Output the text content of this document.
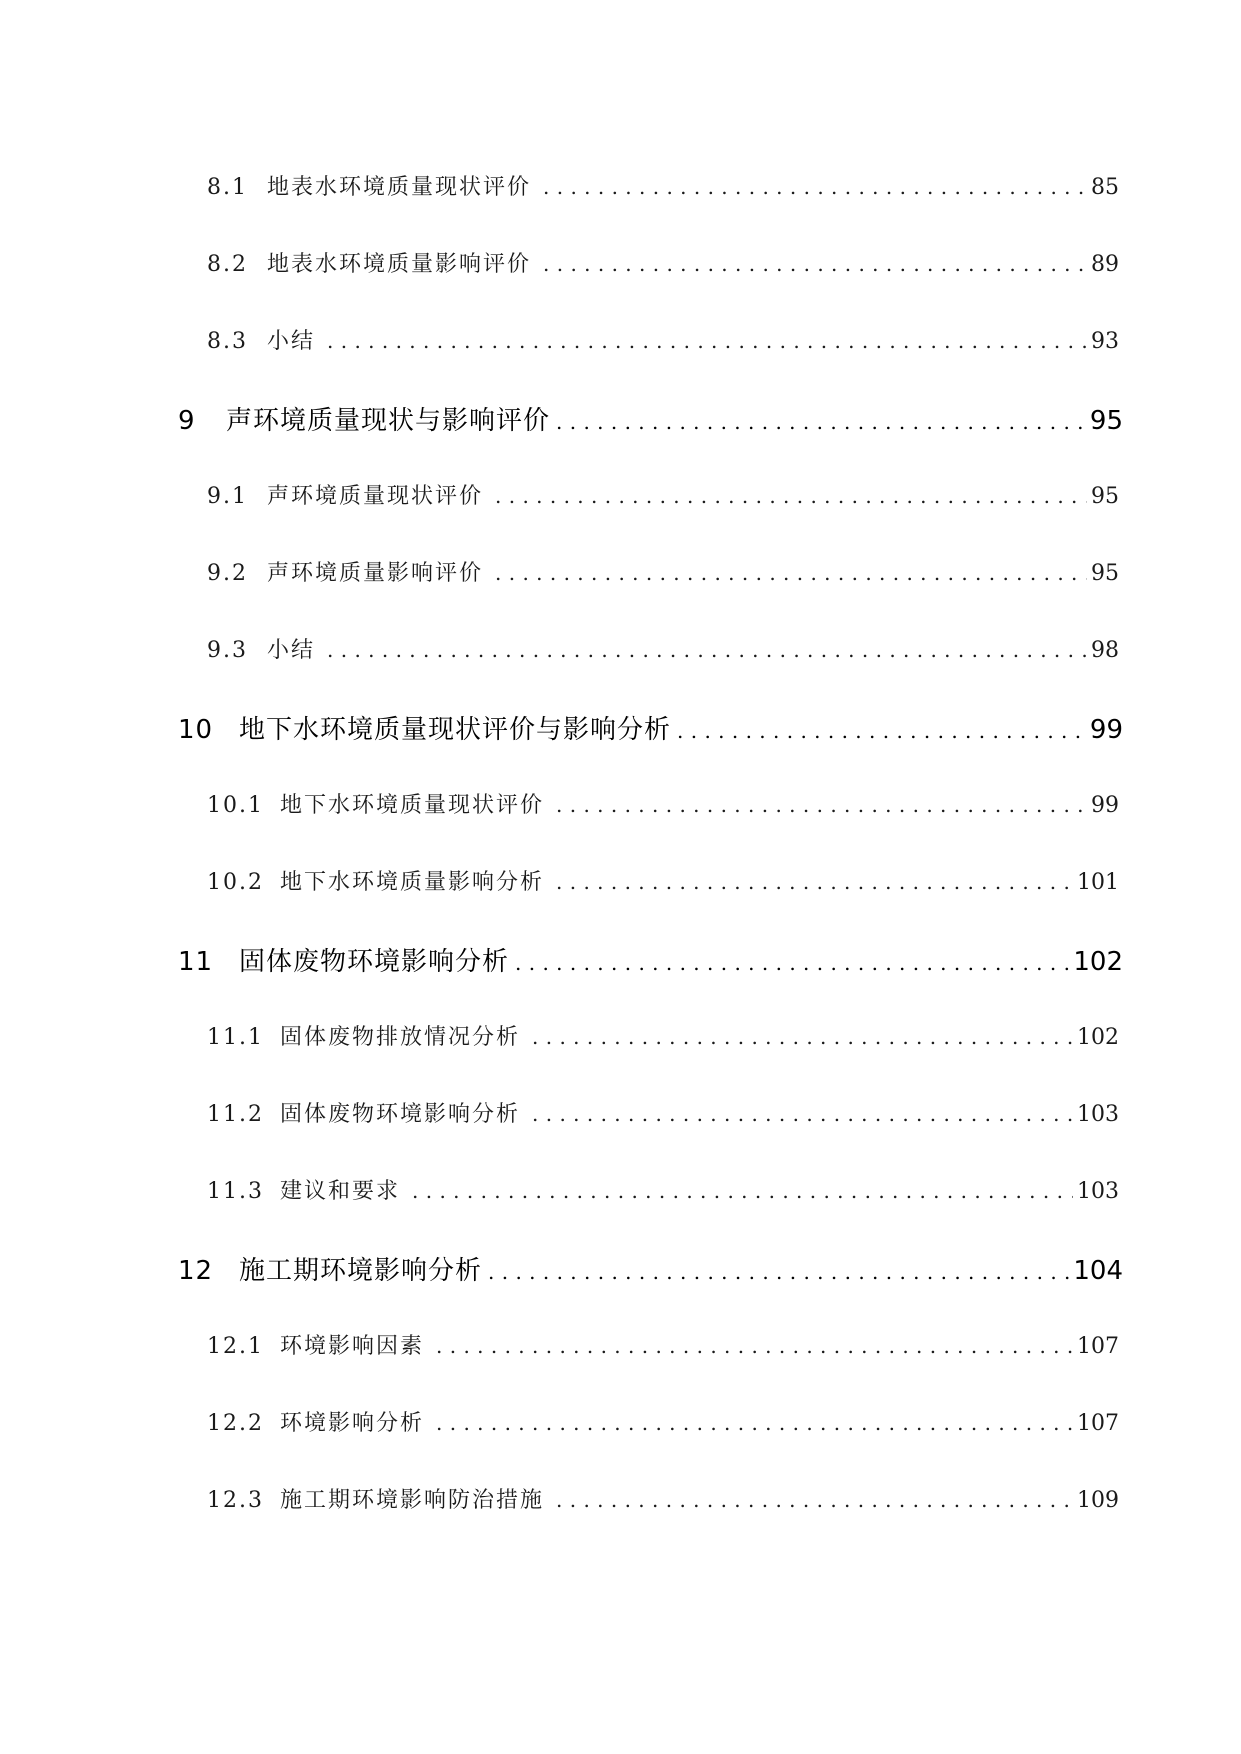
8.1 地表水环境质量现状评价 . . .	85
8.2 地表水环境质量影响评价 . . .	89
8.3 小结 . . .	93
9	声环境质量现状与影响评价 . . .	95
9.1 声环境质量现状评价 . . .	95
9.2 声环境质量影响评价 . . .	95
9.3 小结 . . .	98
10 地下水环境质量现状评价与影响分析 . . .	99
10.1 地下水环境质量现状评价 . . .	99
10.2 地下水环境质量影响分析 . . .	101
11 固体废物环境影响分析 . . .	102
11.1 固体废物排放情况分析 . . .	102
11.2 固体废物环境影响分析 . . .	103
11.3 建议和要求 . . .	103
12 施工期环境影响分析 . . .	104
12.1 环境影响因素 . . .	107
12.2 环境影响分析 . . .	107
12.3 施工期环境影响防治措施 . . .	109
